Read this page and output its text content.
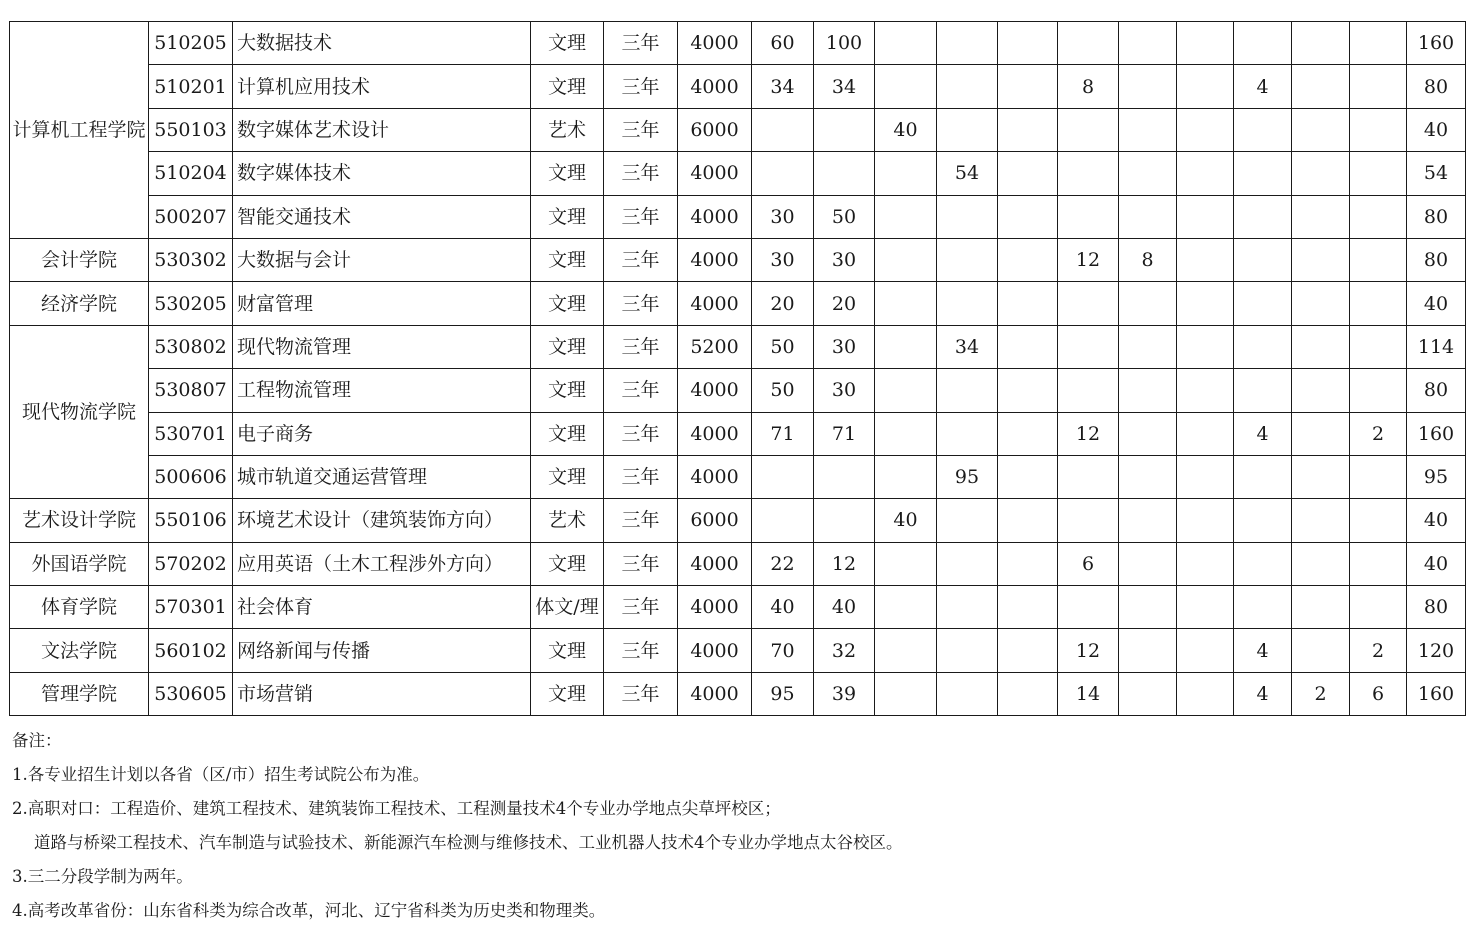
计算机工程学院	510205	大数据技术	文理	三年	4000	60	100										160
	510201	计算机应用技术	文理	三年	4000	34	34				8			4			80
	550103	数字媒体艺术设计	艺术	三年	6000			40									40
	510204	数字媒体技术	文理	三年	4000				54								54
	500207	智能交通技术	文理	三年	4000	30	50										80
会计学院	530302	大数据与会计	文理	三年	4000	30	30				12	8					80
经济学院	530205	财富管理	文理	三年	4000	20	20										40
现代物流学院	530802	现代物流管理	文理	三年	5200	50	30		34								114
	530807	工程物流管理	文理	三年	4000	50	30										80
	530701	电子商务	文理	三年	4000	71	71				12			4		2	160
	500606	城市轨道交通运营管理	文理	三年	4000				95								95
艺术设计学院	550106	环境艺术设计（建筑装饰方向）	艺术	三年	6000			40									40
外国语学院	570202	应用英语（土木工程涉外方向）	文理	三年	4000	22	12				6						40
体育学院	570301	社会体育	体文/理	三年	4000	40	40										80
文法学院	560102	网络新闻与传播	文理	三年	4000	70	32				12			4		2	120
管理学院	530605	市场营销	文理	三年	4000	95	39				14			4	2	6	160
备注：
1.各专业招生计划以各省（区/市）招生考试院公布为准。
2.高职对口：工程造价、建筑工程技术、建筑装饰工程技术、工程测量技术4个专业办学地点尖草坪校区；
道路与桥梁工程技术、汽车制造与试验技术、新能源汽车检测与维修技术、工业机器人技术4个专业办学地点太谷校区。
3.三二分段学制为两年。
4.高考改革省份：山东省科类为综合改革，河北、辽宁省科类为历史类和物理类。
